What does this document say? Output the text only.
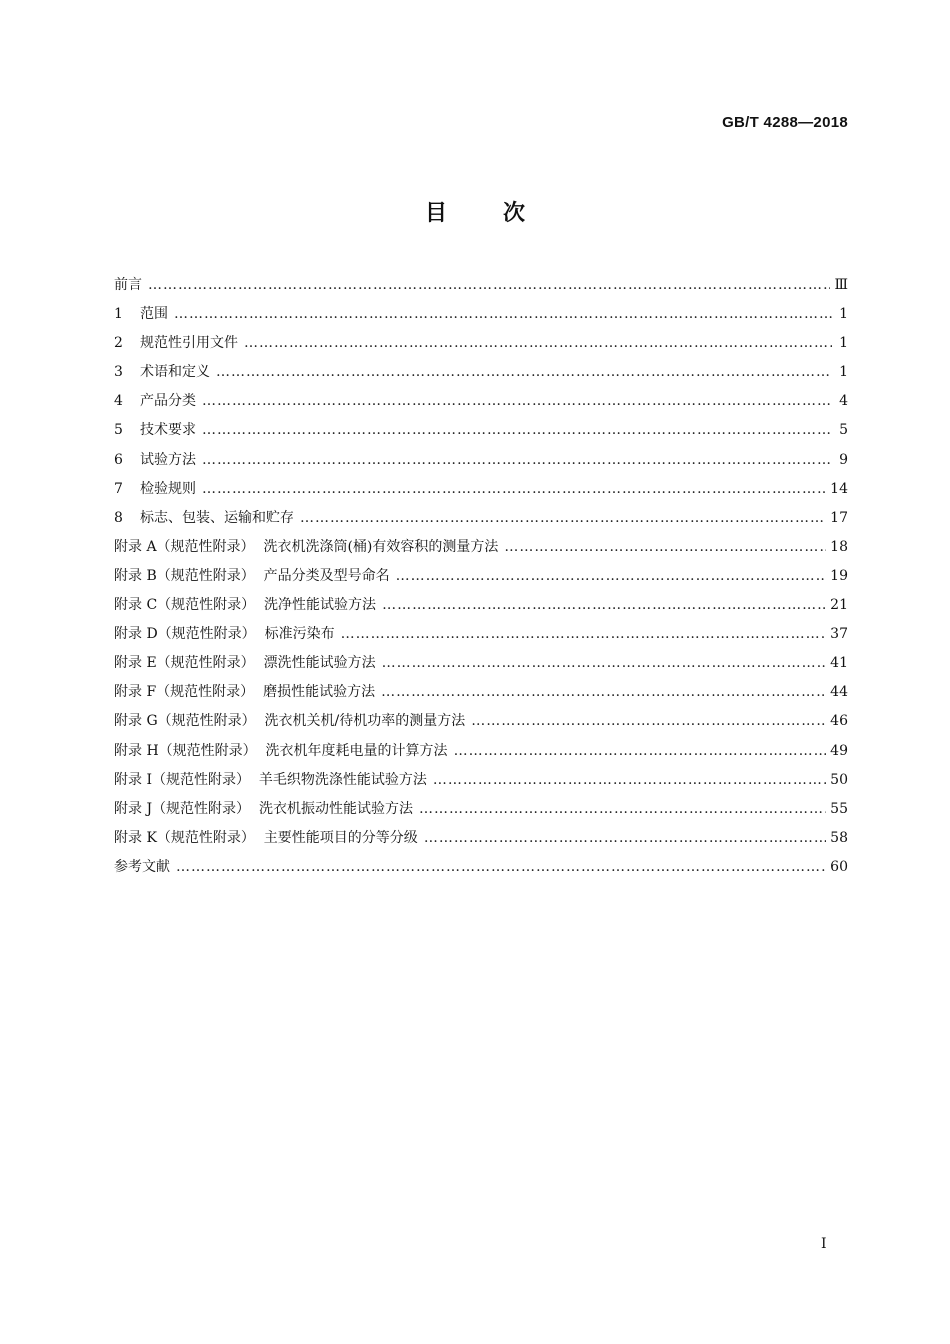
GB/T 4288—2018
目	次
前言 ……………………………………………………………………………………………………………………………………………………………………………………………………………………………………	Ⅲ
1	范围 ……………………………………………………………………………………………………………………………………………………………………………………………………………………………………	1
2	规范性引用文件 ……………………………………………………………………………………………………………………………………………………………………………………………………………………………………	1
3	术语和定义 ……………………………………………………………………………………………………………………………………………………………………………………………………………………………………	1
4	产品分类 ……………………………………………………………………………………………………………………………………………………………………………………………………………………………………	4
5	技术要求 ……………………………………………………………………………………………………………………………………………………………………………………………………………………………………	5
6	试验方法 ……………………………………………………………………………………………………………………………………………………………………………………………………………………………………	9
7	检验规则 ……………………………………………………………………………………………………………………………………………………………………………………………………………………………………	14
8	标志、包装、运输和贮存 ……………………………………………………………………………………………………………………………………………………………………………………………………………………………………	17
附录 A（规范性附录）  洗衣机洗涤筒(桶)有效容积的测量方法 ……………………………………………………………………………………………………………………………………………………………………………………………………………………………………	18
附录 B（规范性附录）  产品分类及型号命名 ……………………………………………………………………………………………………………………………………………………………………………………………………………………………………	19
附录 C（规范性附录）  洗净性能试验方法 ……………………………………………………………………………………………………………………………………………………………………………………………………………………………………	21
附录 D（规范性附录）  标准污染布 ……………………………………………………………………………………………………………………………………………………………………………………………………………………………………	37
附录 E（规范性附录）  漂洗性能试验方法 ……………………………………………………………………………………………………………………………………………………………………………………………………………………………………	41
附录 F（规范性附录）  磨损性能试验方法 ……………………………………………………………………………………………………………………………………………………………………………………………………………………………………	44
附录 G（规范性附录）  洗衣机关机/待机功率的测量方法 ……………………………………………………………………………………………………………………………………………………………………………………………………………………………………	46
附录 H（规范性附录）  洗衣机年度耗电量的计算方法 ……………………………………………………………………………………………………………………………………………………………………………………………………………………………………	49
附录 I（规范性附录）  羊毛织物洗涤性能试验方法 ……………………………………………………………………………………………………………………………………………………………………………………………………………………………………	50
附录 J（规范性附录）  洗衣机振动性能试验方法 ……………………………………………………………………………………………………………………………………………………………………………………………………………………………………	55
附录 K（规范性附录）  主要性能项目的分等分级 ……………………………………………………………………………………………………………………………………………………………………………………………………………………………………	58
参考文献 ……………………………………………………………………………………………………………………………………………………………………………………………………………………………………	60
I
